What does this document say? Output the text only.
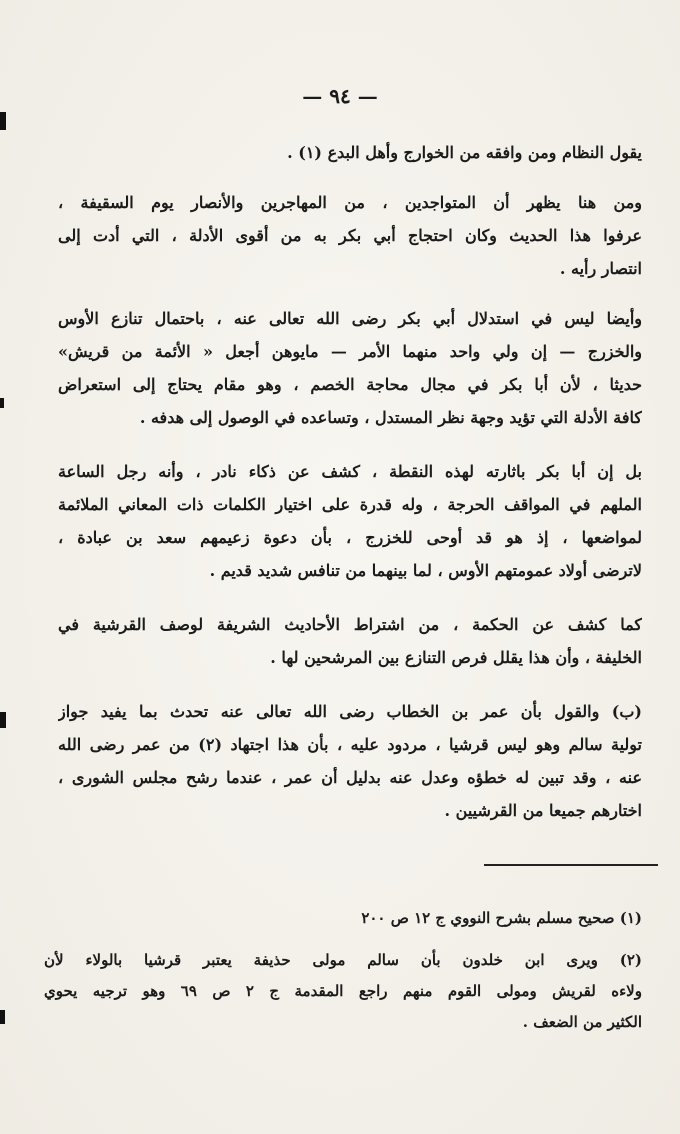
— ٩٤ —
يقول النظام ومن وافقه من الخوارج وأهل البدع (١) .
ومن هنا يظهر أن المتواجدين ، من المهاجرين والأنصار يوم السقيفة ،
عرفوا هذا الحديث وكان احتجاج أبي بكر به من أقوى الأدلة ، التي أدت إلى
انتصار رأيه .
وأيضا ليس في استدلال أبي بكر رضى الله تعالى عنه ، باحتمال تنازع الأوس
والخزرج — إن ولي واحد منهما الأمر — مايوهن أجعل « الأئمة من قريش»
حديثا ، لأن أبا بكر في مجال محاجة الخصم ، وهو مقام يحتاج إلى استعراض
كافة الأدلة التي تؤيد وجهة نظر المستدل ، وتساعده في الوصول إلى هدفه .
بل إن أبا بكر باثارته لهذه النقطة ، كشف عن ذكاء نادر ، وأنه رجل الساعة
الملهم في المواقف الحرجة ، وله قدرة على اختيار الكلمات ذات المعاني الملائمة
لمواضعها ، إذ هو قد أوحى للخزرج ، بأن دعوة زعيمهم سعد بن عبادة ،
لاترضى أولاد عمومتهم الأوس ، لما بينهما من تنافس شديد قديم .
كما كشف عن الحكمة ، من اشتراط الأحاديث الشريفة لوصف القرشية في
الخليفة ، وأن هذا يقلل فرص التنازع بين المرشحين لها .
(ب) والقول بأن عمر بن الخطاب رضى الله تعالى عنه تحدث بما يفيد جواز
تولية سالم وهو ليس قرشيا ، مردود عليه ، بأن هذا اجتهاد (٢) من عمر رضى الله
عنه ، وقد تبين له خطؤه وعدل عنه بدليل أن عمر ، عندما رشح مجلس الشورى ،
اختارهم جميعا من القرشيين .
(١) صحيح مسلم بشرح النووي ج ١٢ ص ٢٠٠
(٢) ويرى ابن خلدون بأن سالم مولى حذيفة يعتبر قرشيا بالولاء لأن
ولاءه لقريش ومولى القوم منهم راجع المقدمة ج ٢ ص ٦٩ وهو ترجيه يحوي
الكثير من الضعف .
